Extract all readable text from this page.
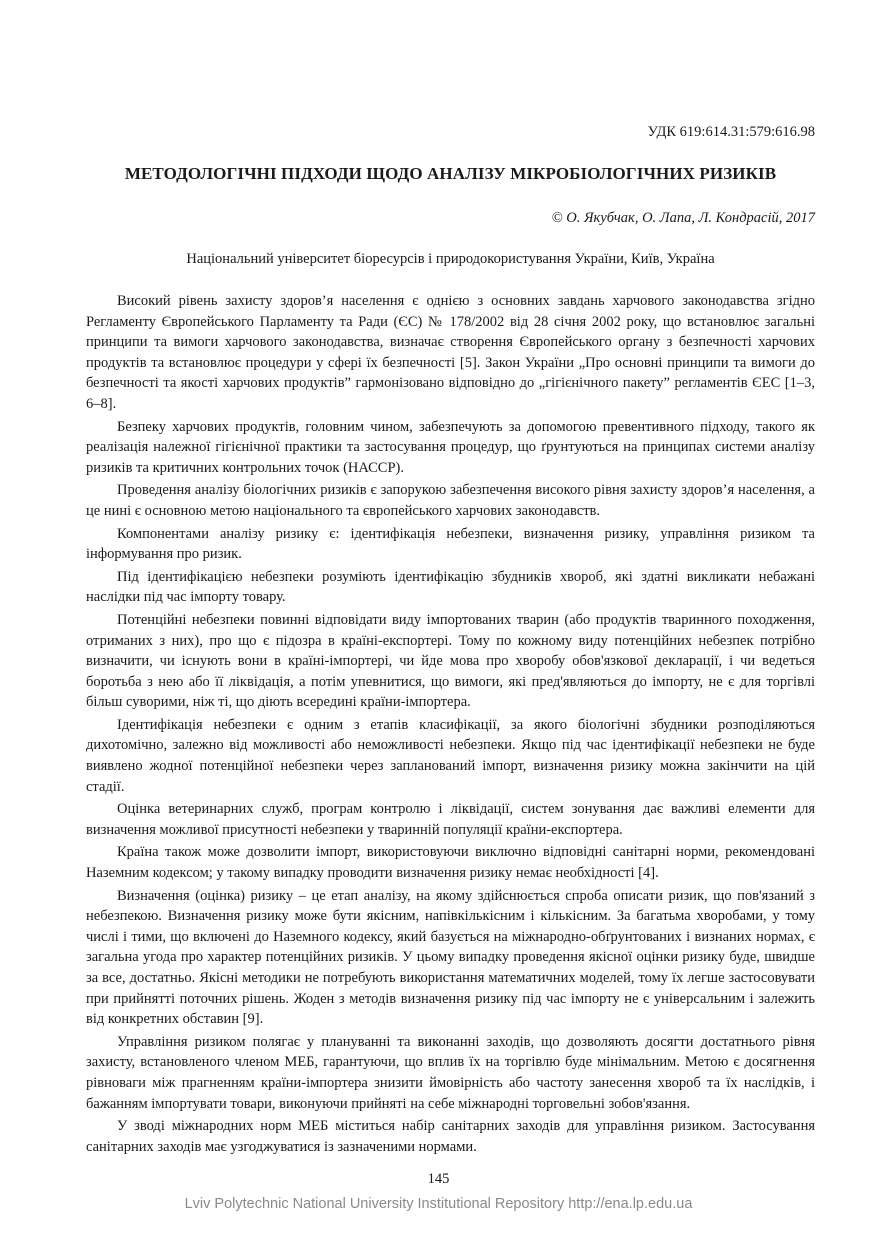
УДК 619:614.31:579:616.98
МЕТОДОЛОГІЧНІ ПІДХОДИ ЩОДО АНАЛІЗУ МІКРОБІОЛОГІЧНИХ РИЗИКІВ
© О. Якубчак, О. Лапа, Л. Кондрасій, 2017
Національний університет біоресурсів і природокористування України, Київ, Україна

Високий рівень захисту здоров’я населення є однією з основних завдань харчового законодавства згідно Регламенту Європейського Парламенту та Ради (ЄС) № 178/2002 від 28 січня 2002 року, що встановлює загальні принципи та вимоги харчового законодавства, визначає створення Європейського органу з безпечності харчових продуктів та встановлює процедури у сфері їх безпечності [5]. Закон України „Про основні принципи та вимоги до безпечності та якості харчових продуктів” гармонізовано відповідно до „гігієнічного пакету” регламентів ЄЕС [1–3, 6–8].

Безпеку харчових продуктів, головним чином, забезпечують за допомогою превентивного підходу, такого як реалізація належної гігієнічної практики та застосування процедур, що ґрунтуються на принципах системи аналізу ризиків та критичних контрольних точок (НАССР).

Проведення аналізу біологічних ризиків є запорукою забезпечення високого рівня захисту здоров’я населення, а це нині є основною метою національного та європейського харчових законодавств.

Компонентами аналізу ризику є: ідентифікація небезпеки, визначення ризику, управління ризиком та інформування про ризик.

Під ідентифікацією небезпеки розуміють ідентифікацію збудників хвороб, які здатні викликати небажані наслідки під час імпорту товару.

Потенційні небезпеки повинні відповідати виду імпортованих тварин (або продуктів тваринного походження, отриманих з них), про що є підозра в країні-експортері. Тому по кожному виду потенційних небезпек потрібно визначити, чи існують вони в країні-імпортері, чи йде мова про хворобу обов'язкової декларації, і чи ведеться боротьба з нею або її ліквідація, а потім упевнитися, що вимоги, які пред'являються до імпорту, не є для торгівлі більш суворими, ніж ті, що діють всередині країни-імпортера.

Ідентифікація небезпеки є одним з етапів класифікації, за якого біологічні збудники розподіляються дихотомічно, залежно від можливості або неможливості небезпеки. Якщо під час ідентифікації небезпеки не буде виявлено жодної потенційної небезпеки через запланований імпорт, визначення ризику можна закінчити на цій стадії.

Оцінка ветеринарних служб, програм контролю і ліквідації, систем зонування дає важливі елементи для визначення можливої присутності небезпеки у тваринній популяції країни-експортера.

Країна також може дозволити імпорт, використовуючи виключно відповідні санітарні норми, рекомендовані Наземним кодексом; у такому випадку проводити визначення ризику немає необхідності [4].

Визначення (оцінка) ризику – це етап аналізу, на якому здійснюється спроба описати ризик, що пов'язаний з небезпекою. Визначення ризику може бути якісним, напівкількісним і кількісним. За багатьма хворобами, у тому числі і тими, що включені до Наземного кодексу, який базується на міжнародно-обґрунтованих і визнаних нормах, є загальна угода про характер потенційних ризиків. У цьому випадку проведення якісної оцінки ризику буде, швидше за все, достатньо. Якісні методики не потребують використання математичних моделей, тому їх легше застосовувати при прийнятті поточних рішень. Жоден з методів визначення ризику під час імпорту не є універсальним і залежить від конкретних обставин [9].

Управління ризиком полягає у плануванні та виконанні заходів, що дозволяють досягти достатнього рівня захисту, встановленого членом МЕБ, гарантуючи, що вплив їх на торгівлю буде мінімальним. Метою є досягнення рівноваги між прагненням країни-імпортера знизити ймовірність або частоту занесення хвороб та їх наслідків, і бажанням імпортувати товари, виконуючи прийняті на себе міжнародні торговельні зобов'язання.

У зводі міжнародних норм МЕБ міститься набір санітарних заходів для управління ризиком. Застосування санітарних заходів має узгоджуватися із зазначеними нормами.

145
Lviv Polytechnic National University Institutional Repository http://ena.lp.edu.ua
